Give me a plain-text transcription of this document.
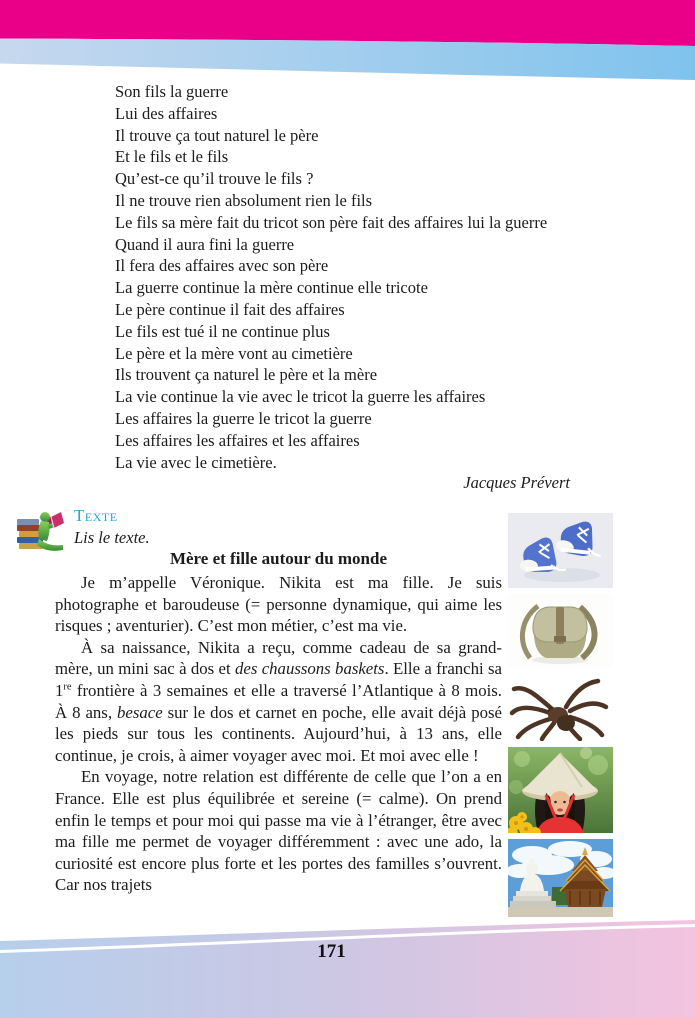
Son fils la guerre
Lui des affaires
Il trouve ça tout naturel le père
Et le fils et le fils
Qu’est-ce qu’il trouve le fils ?
Il ne trouve rien absolument rien le fils
Le fils sa mère fait du tricot son père fait des affaires lui la guerre
Quand il aura fini la guerre
Il fera des affaires avec son père
La guerre continue la mère continue elle tricote
Le père continue il fait des affaires
Le fils est tué il ne continue plus
Le père et la mère vont au cimetière
Ils trouvent ça naturel le père et la mère
La vie continue la vie avec le tricot la guerre les affaires
Les affaires la guerre le tricot la guerre
Les affaires les affaires et les affaires
La vie avec le cimetière.
Jacques Prévert
Texte
Lis le texte.
Mère et fille autour du monde

Je m’appelle Véronique. Nikita est ma fille. Je suis photographe et baroudeuse (= personne dynamique, qui aime les risques ; aventurier). C’est mon métier, c’est ma vie.

À sa naissance, Nikita a reçu, comme cadeau de sa grand-mère, un mini sac à dos et des chaussons baskets. Elle a franchi sa 1re frontière à 3 semaines et elle a traversé l’Atlantique à 8 mois. À 8 ans, besace sur le dos et carnet en poche, elle avait déjà posé les pieds sur tous les continents. Aujourd’hui, à 13 ans, elle continue, je crois, à aimer voyager avec moi. Et moi avec elle !

En voyage, notre relation est différente de celle que l’on a en France. Elle est plus équilibrée et sereine (= calme). On prend enfin le temps et pour moi qui passe ma vie à l’étranger, être avec ma fille me permet de voyager différemment : avec une ado, la curiosité est encore plus forte et les portes des familles s’ouvrent. Car nos trajets

171
